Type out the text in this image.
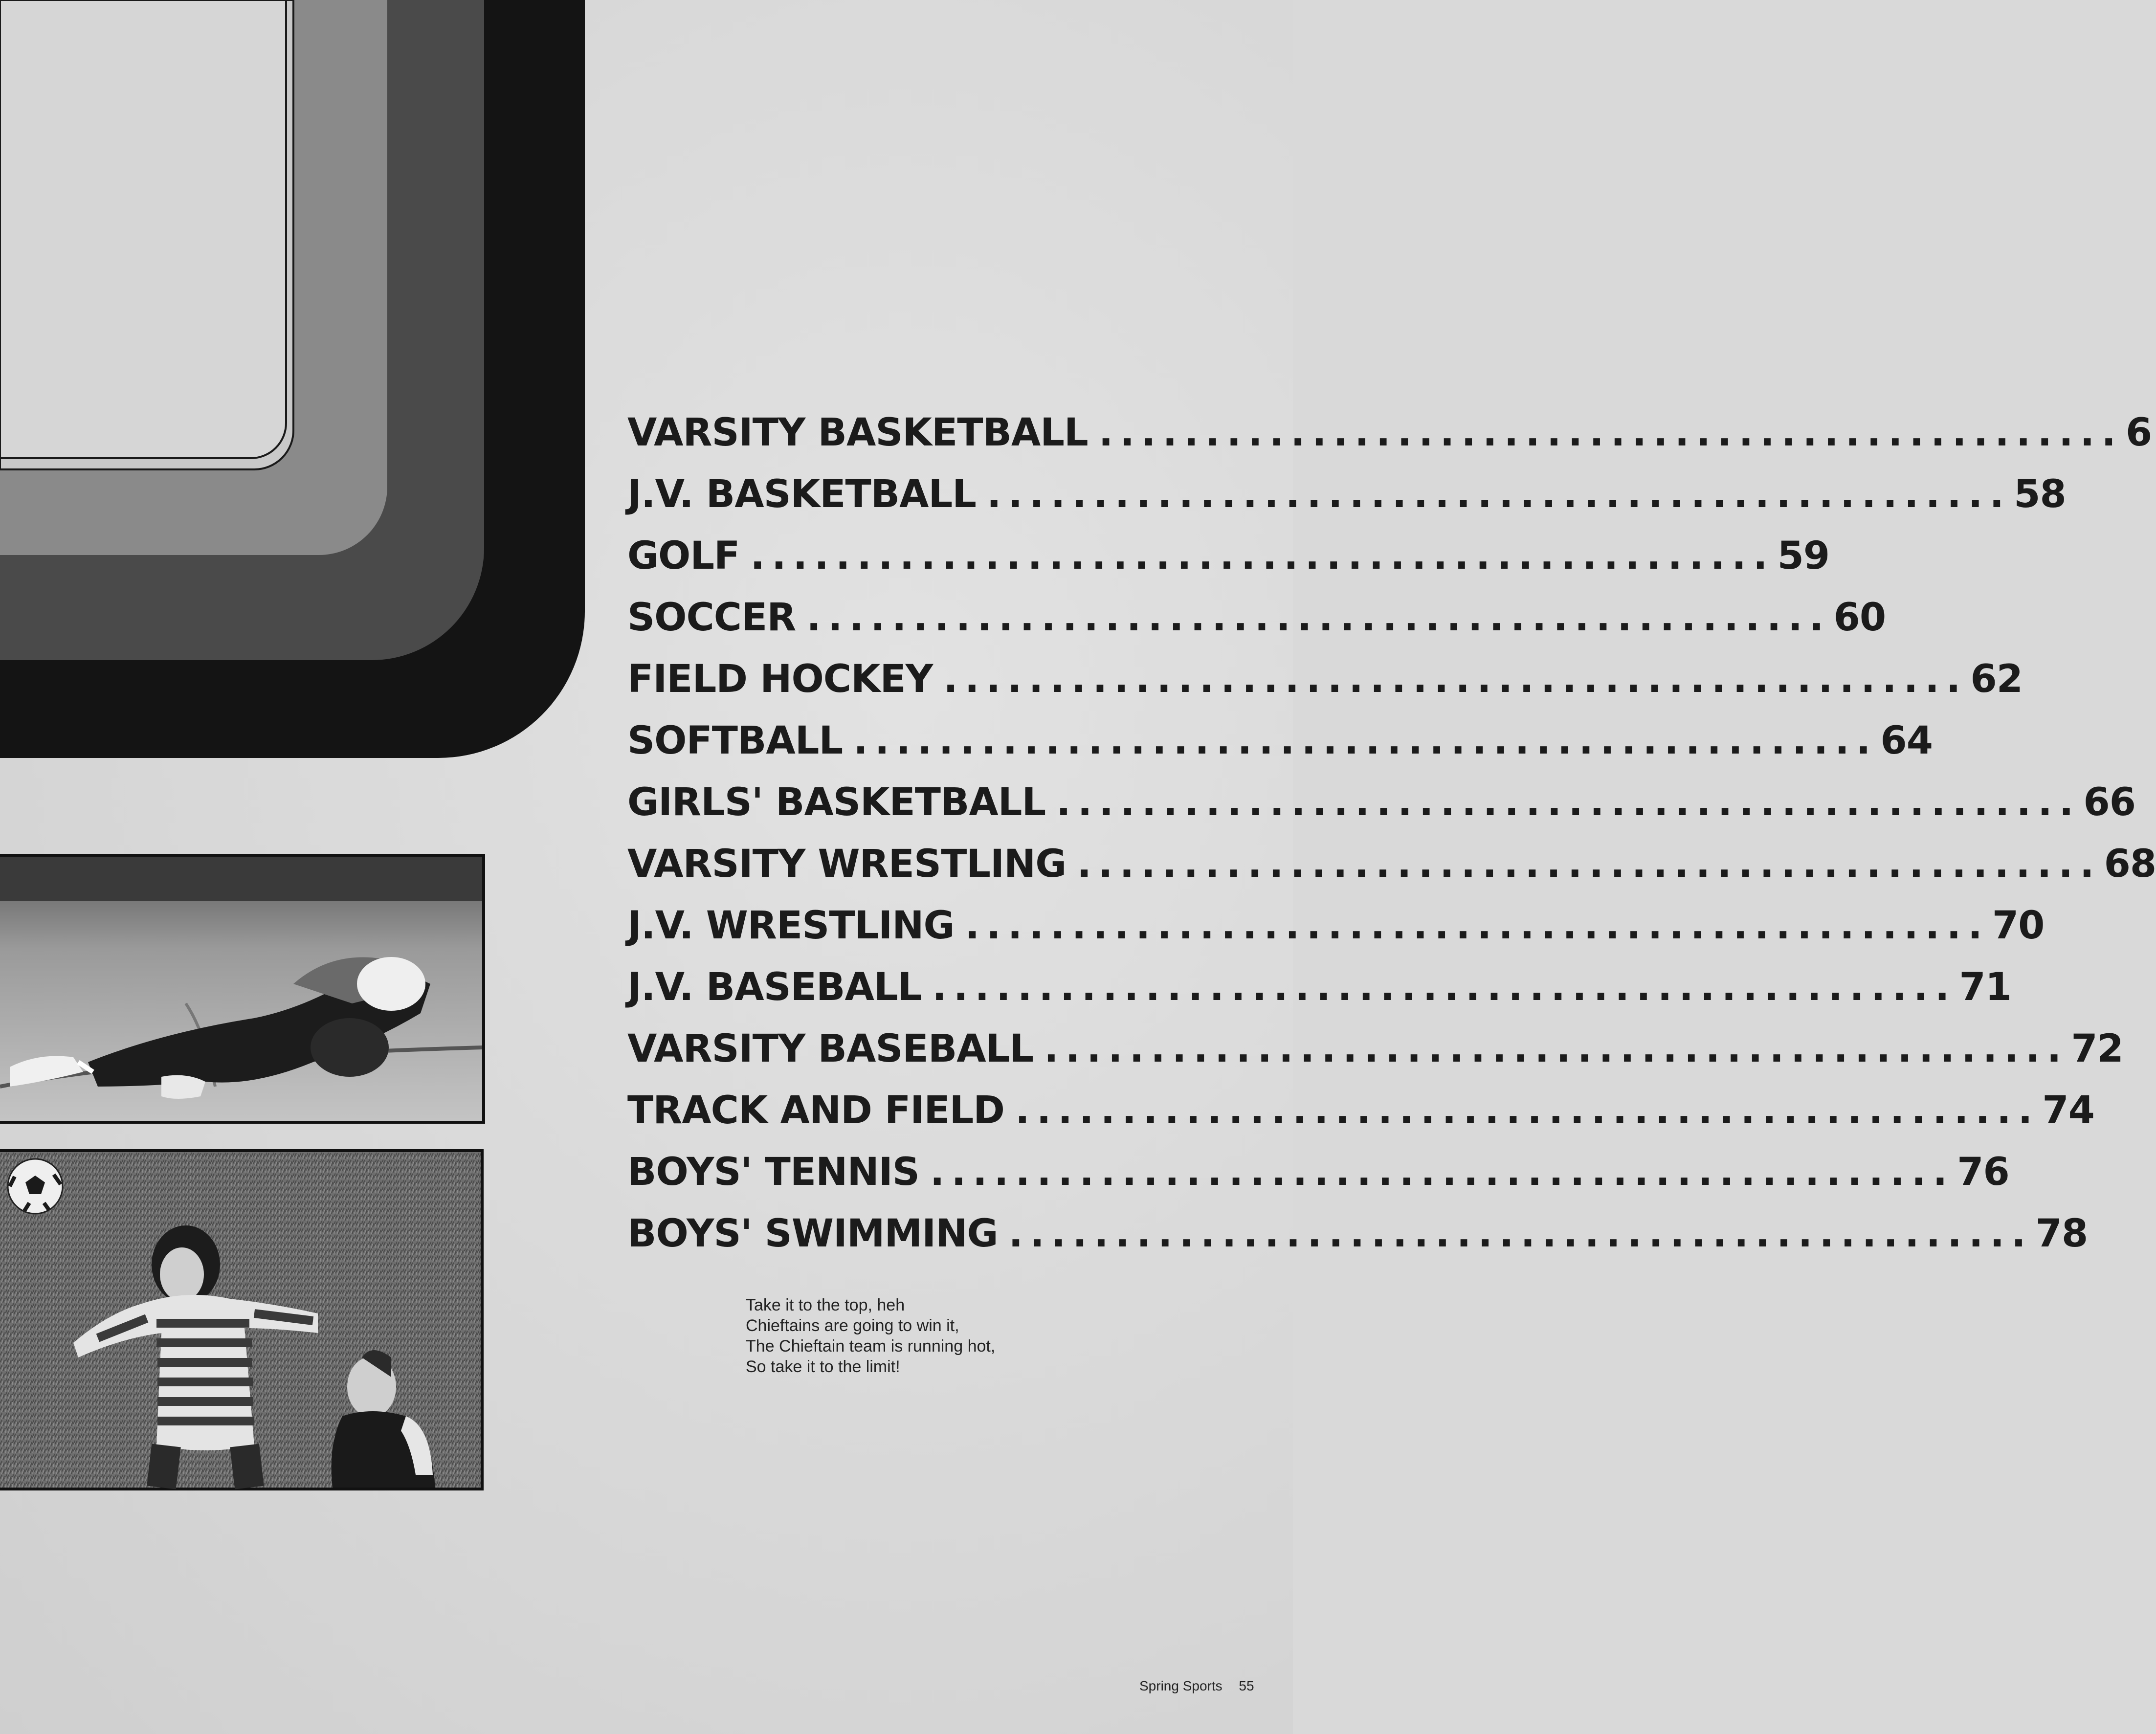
VARSITY BASKETBALL ................................................ 6
J.V. BASKETBALL ................................................ 58
GOLF ................................................ 59
SOCCER ................................................ 60
FIELD HOCKEY ................................................ 62
SOFTBALL ................................................ 64
GIRLS' BASKETBALL ................................................ 66
VARSITY WRESTLING ................................................ 68
J.V. WRESTLING ................................................ 70
J.V. BASEBALL ................................................ 71
VARSITY BASEBALL ................................................ 72
TRACK AND FIELD ................................................ 74
BOYS' TENNIS ................................................ 76
BOYS' SWIMMING ................................................ 78
Take it to the top, heh
Chieftains are going to win it,
The Chieftain team is running hot,
So take it to the limit!
Spring Sports 55
